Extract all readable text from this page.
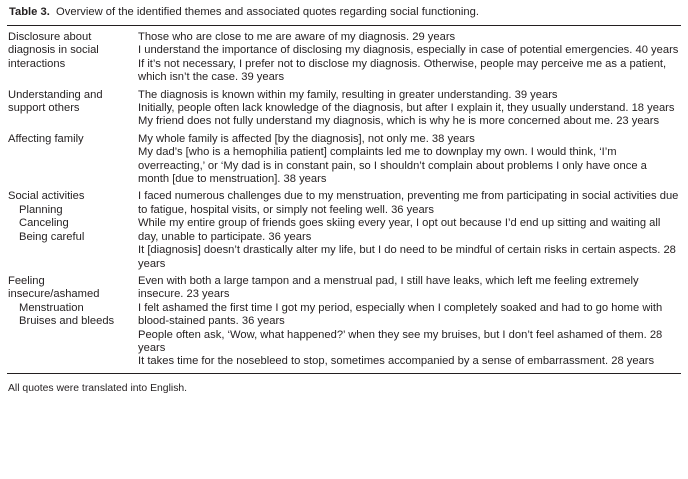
Table 3. Overview of the identified themes and associated quotes regarding social functioning.
Disclosure about diagnosis in social interactions
Those who are close to me are aware of my diagnosis. 29 years
I understand the importance of disclosing my diagnosis, especially in case of potential emergencies. 40 years
If it’s not necessary, I prefer not to disclose my diagnosis. Otherwise, people may perceive me as a patient, which isn’t the case. 39 years
Understanding and support others
The diagnosis is known within my family, resulting in greater understanding. 39 years
Initially, people often lack knowledge of the diagnosis, but after I explain it, they usually understand. 18 years
My friend does not fully understand my diagnosis, which is why he is more concerned about me. 23 years
Affecting family	My whole family is affected [by the diagnosis], not only me. 38 years
My dad’s [who is a hemophilia patient] complaints led me to downplay my own. I would think, ‘I’m overreacting,’ or ‘My dad is in constant pain, so I shouldn’t complain about problems I only have once a month [due to menstruation]. 38 years
Social activities
Planning
Canceling
Being careful
I faced numerous challenges due to my menstruation, preventing me from participating in social activities due to fatigue, hospital visits, or simply not feeling well. 36 years
While my entire group of friends goes skiing every year, I opt out because I’d end up sitting and waiting all day, unable to participate. 36 years
It [diagnosis] doesn’t drastically alter my life, but I do need to be mindful of certain risks in certain aspects. 28 years
Feeling insecure/ashamed
Menstruation
Bruises and bleeds
Even with both a large tampon and a menstrual pad, I still have leaks, which left me feeling extremely insecure. 23 years
I felt ashamed the first time I got my period, especially when I completely soaked and had to go home with blood-stained pants. 36 years
People often ask, ‘Wow, what happened?’ when they see my bruises, but I don’t feel ashamed of them. 28 years
It takes time for the nosebleed to stop, sometimes accompanied by a sense of embarrassment. 28 years
All quotes were translated into English.
